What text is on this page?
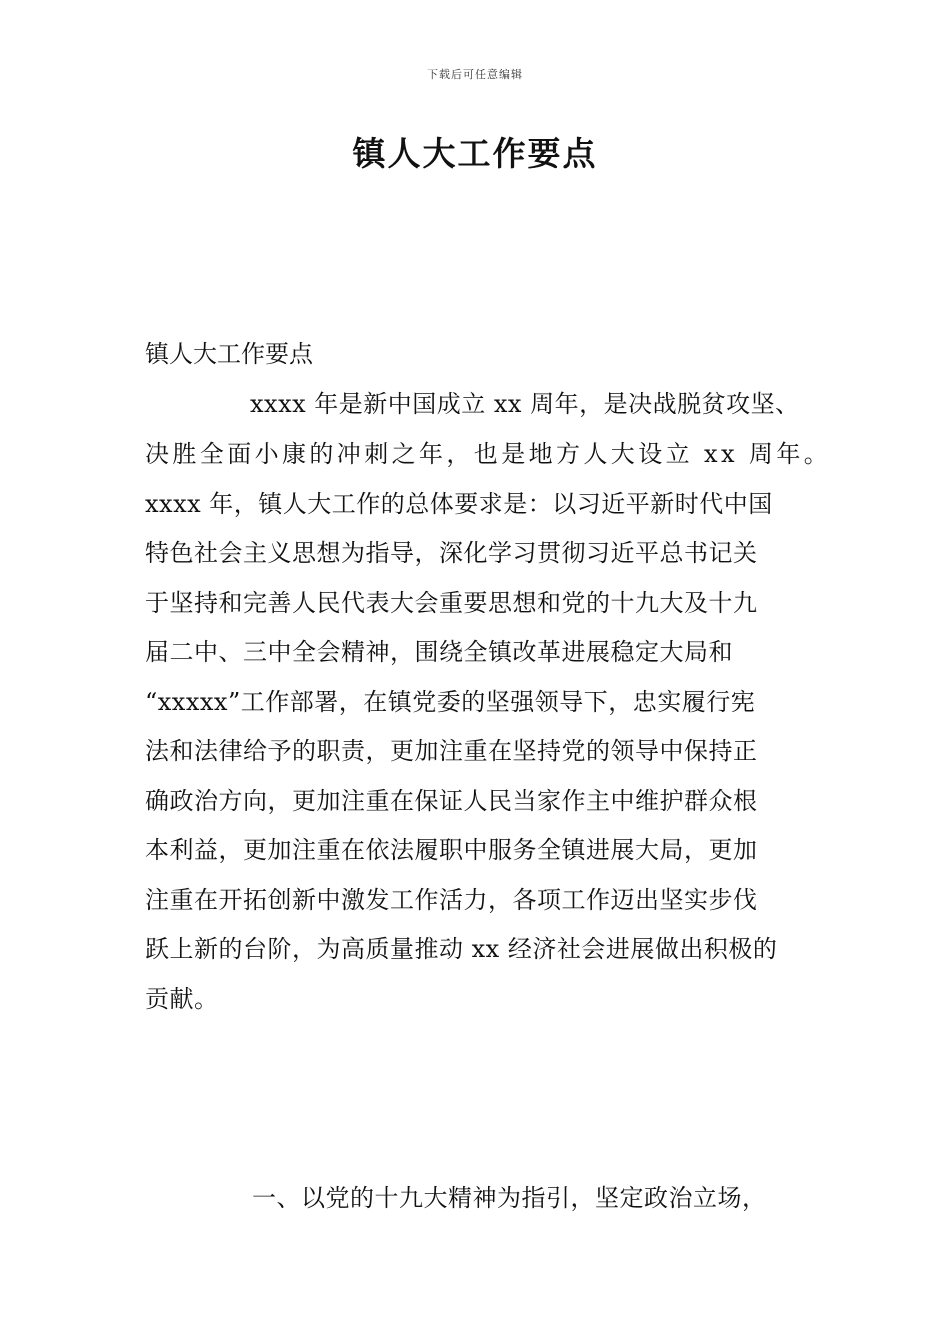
下载后可任意编辑
镇人大工作要点

镇人大工作要点

xxxx 年是新中国成立 xx 周年，是决战脱贫攻坚、

决胜全面小康的冲刺之年，也是地方人大设立 xx 周年。

xxxx 年，镇人大工作的总体要求是：以习近平新时代中国

特色社会主义思想为指导，深化学习贯彻习近平总书记关

于坚持和完善人民代表大会重要思想和党的十九大及十九

届二中、三中全会精神，围绕全镇改革进展稳定大局和

“xxxxx”工作部署，在镇党委的坚强领导下，忠实履行宪

法和法律给予的职责，更加注重在坚持党的领导中保持正

确政治方向，更加注重在保证人民当家作主中维护群众根

本利益，更加注重在依法履职中服务全镇进展大局，更加

注重在开拓创新中激发工作活力，各项工作迈出坚实步伐

跃上新的台阶，为高质量推动 xx 经济社会进展做出积极的

贡献。

一、以党的十九大精神为指引，坚定政治立场，
